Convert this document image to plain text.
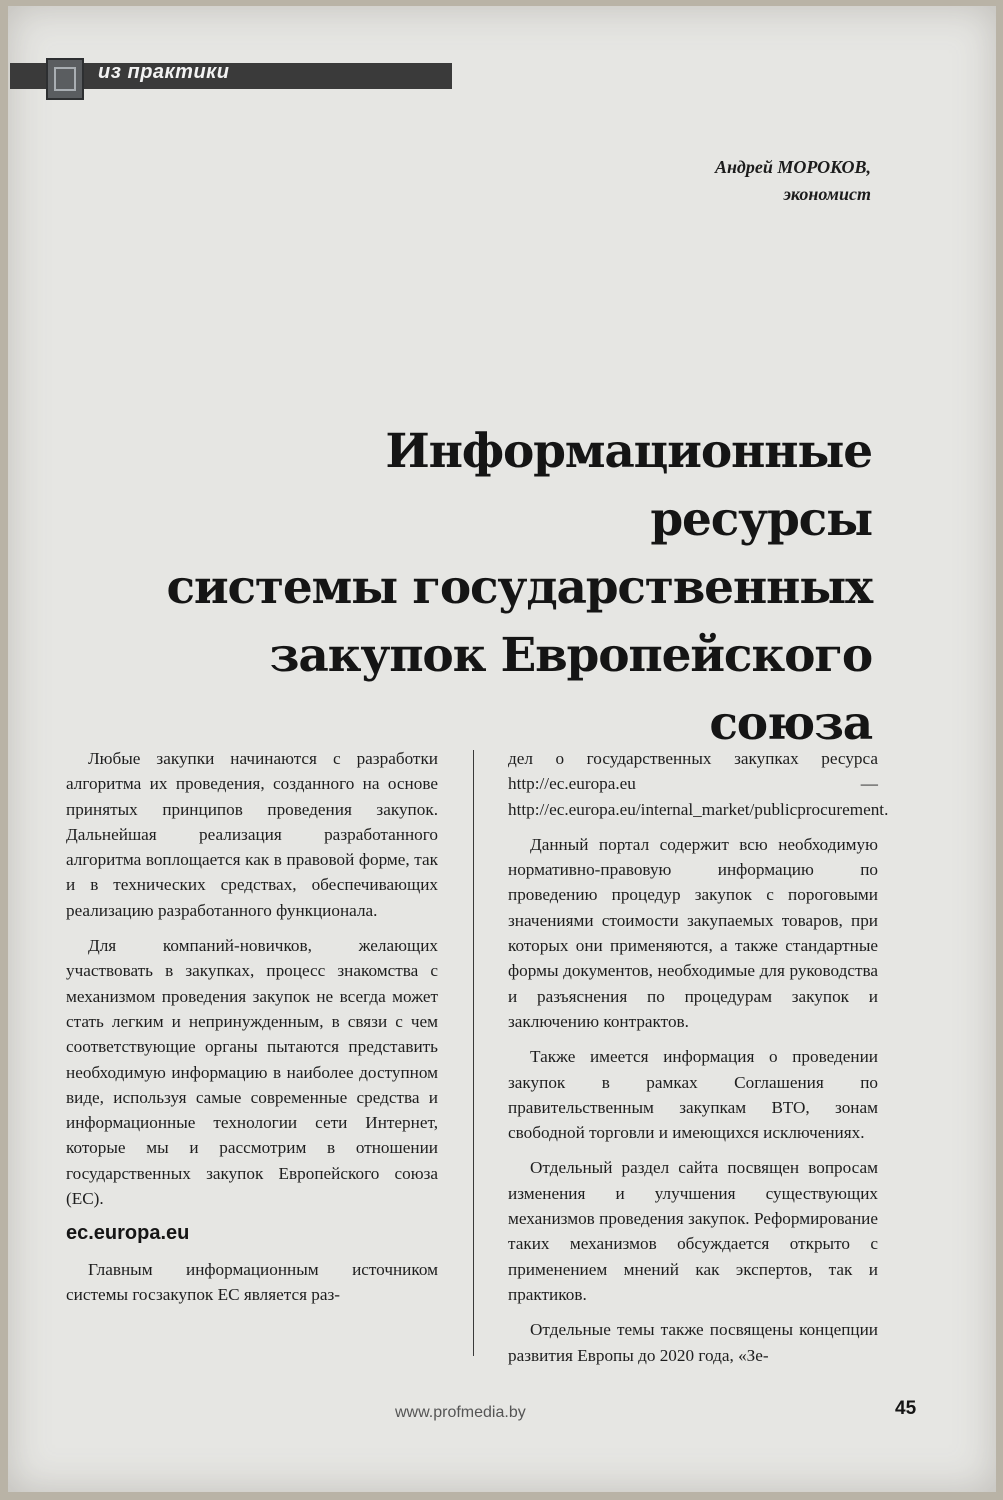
из практики
Андрей МОРОКОВ,
экономист
Информационные ресурсы
системы государственных
закупок Европейского союза

Любые закупки начинаются с разработки алгоритма их проведения, созданного на основе принятых принципов проведения закупок. Дальнейшая реализация разработанного алгоритма воплощается как в правовой форме, так и в технических средствах, обеспечивающих реализацию разработанного функционала.

Для компаний-новичков, желающих участвовать в закупках, процесс знакомства с механизмом проведения закупок не всегда может стать легким и непринужденным, в связи с чем соответствующие органы пытаются представить необходимую информацию в наиболее доступном виде, используя самые современные средства и информационные технологии сети Интернет, которые мы и рассмотрим в отношении государственных закупок Европейского союза (ЕС).

ec.europa.eu

Главным информационным источником системы госзакупок ЕС является раз-

дел о государственных закупках ресурса http://ec.europa.eu — http://ec.europa.eu/internal_market/publicprocurement.

Данный портал содержит всю необходимую нормативно-правовую информацию по проведению процедур закупок с пороговыми значениями стоимости закупаемых товаров, при которых они применяются, а также стандартные формы документов, необходимые для руководства и разъяснения по процедурам закупок и заключению контрактов.

Также имеется информация о проведении закупок в рамках Соглашения по правительственным закупкам ВТО, зонам свободной торговли и имеющихся исключениях.

Отдельный раздел сайта посвящен вопросам изменения и улучшения существующих механизмов проведения закупок. Реформирование таких механизмов обсуждается открыто с применением мнений как экспертов, так и практиков.

Отдельные темы также посвящены концепции развития Европы до 2020 года, «Зе-

www.profmedia.by	45
